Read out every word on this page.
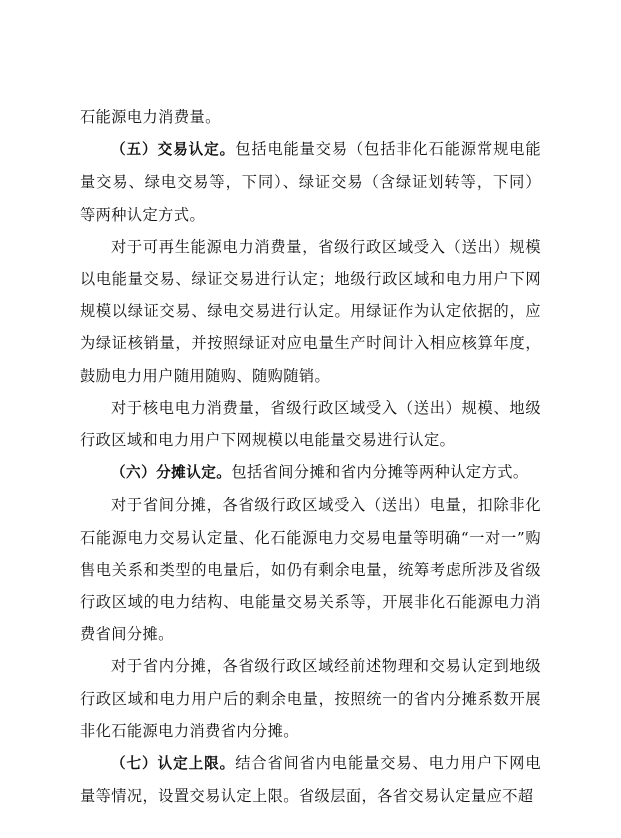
石能源电力消费量。

（五）交易认定。包括电能量交易（包括非化石能源常规电能量交易、绿电交易等，下同）、绿证交易（含绿证划转等，下同）等两种认定方式。

对于可再生能源电力消费量，省级行政区域受入（送出）规模以电能量交易、绿证交易进行认定；地级行政区域和电力用户下网规模以绿证交易、绿电交易进行认定。用绿证作为认定依据的，应为绿证核销量，并按照绿证对应电量生产时间计入相应核算年度，鼓励电力用户随用随购、随购随销。

对于核电电力消费量，省级行政区域受入（送出）规模、地级行政区域和电力用户下网规模以电能量交易进行认定。

（六）分摊认定。包括省间分摊和省内分摊等两种认定方式。

对于省间分摊，各省级行政区域受入（送出）电量，扣除非化石能源电力交易认定量、化石能源电力交易电量等明确“一对一”购售电关系和类型的电量后，如仍有剩余电量，统筹考虑所涉及省级行政区域的电力结构、电能量交易关系等，开展非化石能源电力消费省间分摊。

对于省内分摊，各省级行政区域经前述物理和交易认定到地级行政区域和电力用户后的剩余电量，按照统一的省内分摊系数开展非化石能源电力消费省内分摊。

（七）认定上限。结合省间省内电能量交易、电力用户下网电量等情况，设置交易认定上限。省级层面，各省交易认定量应不超
